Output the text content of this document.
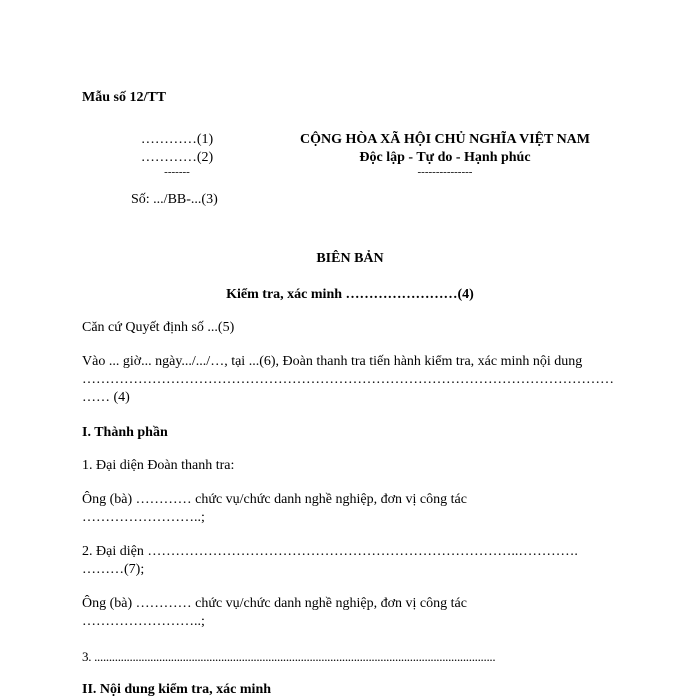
Mẫu số 12/TT
…………(1)
…………(2)
-------
Số: .../BB-...(3)
CỘNG HÒA XÃ HỘI CHỦ NGHĨA VIỆT NAM
Độc lập - Tự do - Hạnh phúc
---------------
BIÊN BẢN
Kiểm tra, xác minh ……………………(4)
Căn cứ Quyết định số ...(5)
Vào ... giờ... ngày.../.../…, tại ...(6), Đoàn thanh tra tiến hành kiểm tra, xác minh nội dung
……………………………………………………………………………………………………
…… (4)
I. Thành phần
1. Đại diện Đoàn thanh tra:
Ông (bà) ………… chức vụ/chức danh nghề nghiệp, đơn vị công tác
……………………..;
2. Đại diện ……………………………………………………………………..………….
………(7);
Ông (bà) ………… chức vụ/chức danh nghề nghiệp, đơn vị công tác
……………………..;
3. ........................................................................................................................................
II. Nội dung kiểm tra, xác minh
